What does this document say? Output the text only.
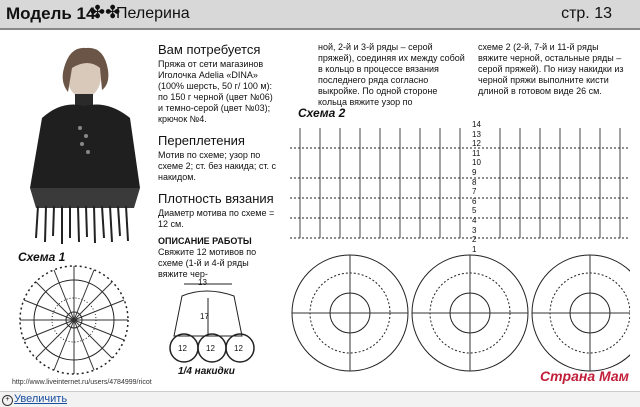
Модель 14
✤✤
Пелерина	стр. 13
Вам потребуется
Пряжа от сети магазинов Иголочка Adelia «DINA» (100% шерсть, 50 г/ 100 м): по 150 г черной (цвет №06) и темно-серой (цвет №03); крючок №4.
Переплетения
Мотив по схеме; узор по схеме 2; ст. без накида; ст. с накидом.
Плотность вязания
Диаметр мотива по схеме = 12 см.
ОПИСАНИЕ РАБОТЫ Свяжите 12 мотивов по схеме (1-й и 4-й ряды вяжите чер-
ной, 2-й и 3-й ряды – серой пряжей), соединяя их между собой в кольцо в процессе вязания последнего ряда согласно выкройке. По одной стороне кольца вяжите узор по
схеме 2 (2-й, 7-й и 11-й ряды вяжите черной, остальные ряды – серой пряжей). По низу накидки из черной пряжи выполните кисти длиной в готовом виде 26 см.
Схема 1
Схема 2
13
17
12 12 12
1/4 накидки
14
13
12
11
10
9
8
7
6
5
4
3
2
1
Страна Мам
http://www.liveinternet.ru/users/4784999/ricot
+ Увеличить
